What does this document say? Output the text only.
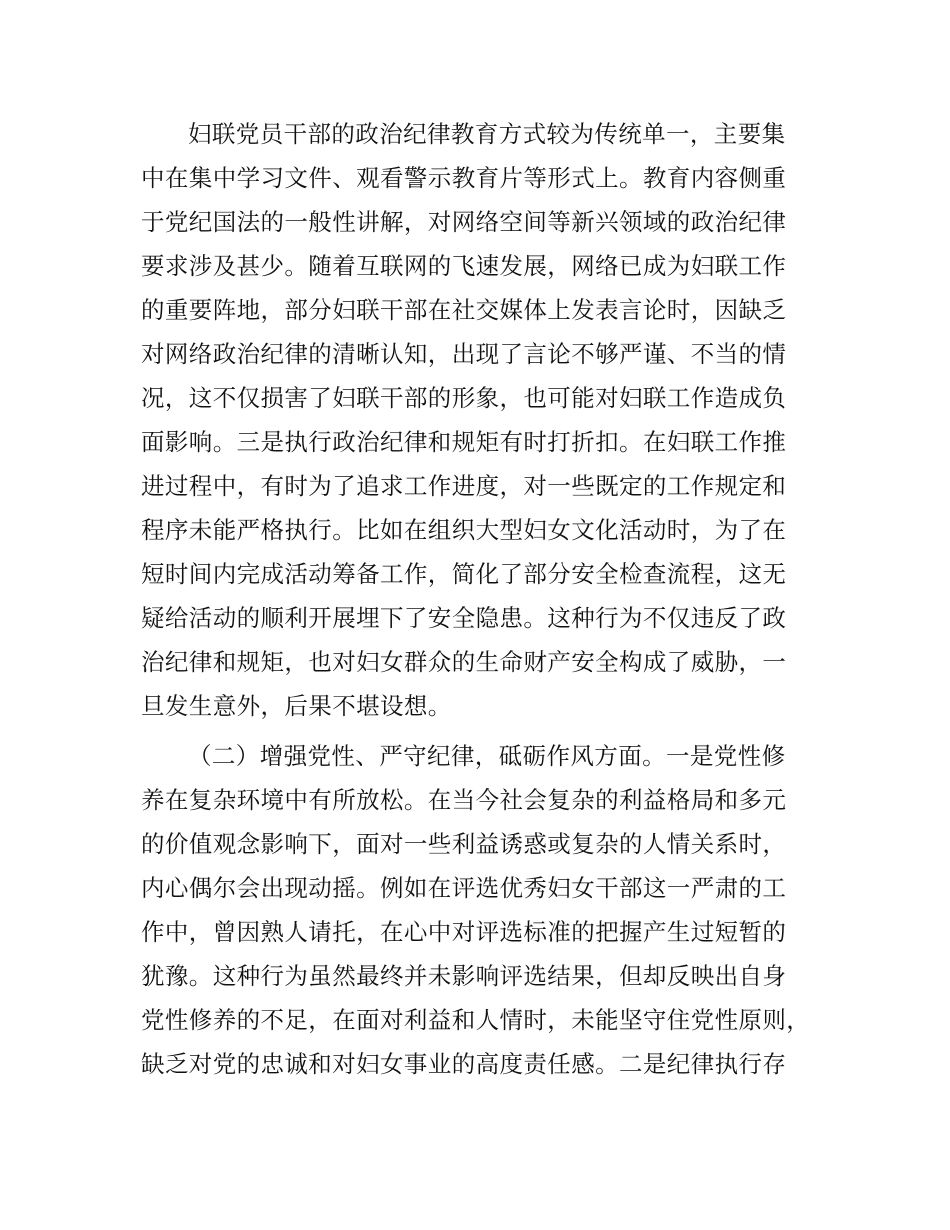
妇联党员干部的政治纪律教育方式较为传统单一，主要集
中在集中学习文件、观看警示教育片等形式上。教育内容侧重
于党纪国法的一般性讲解，对网络空间等新兴领域的政治纪律
要求涉及甚少。随着互联网的飞速发展，网络已成为妇联工作
的重要阵地，部分妇联干部在社交媒体上发表言论时，因缺乏
对网络政治纪律的清晰认知，出现了言论不够严谨、不当的情
况，这不仅损害了妇联干部的形象，也可能对妇联工作造成负
面影响。三是执行政治纪律和规矩有时打折扣。在妇联工作推
进过程中，有时为了追求工作进度，对一些既定的工作规定和
程序未能严格执行。比如在组织大型妇女文化活动时，为了在
短时间内完成活动筹备工作，简化了部分安全检查流程，这无
疑给活动的顺利开展埋下了安全隐患。这种行为不仅违反了政
治纪律和规矩，也对妇女群众的生命财产安全构成了威胁，一
旦发生意外，后果不堪设想。
（二）增强党性、严守纪律，砥砺作风方面。一是党性修
养在复杂环境中有所放松。在当今社会复杂的利益格局和多元
的价值观念影响下，面对一些利益诱惑或复杂的人情关系时，
内心偶尔会出现动摇。例如在评选优秀妇女干部这一严肃的工
作中，曾因熟人请托，在心中对评选标准的把握产生过短暂的
犹豫。这种行为虽然最终并未影响评选结果，但却反映出自身
党性修养的不足，在面对利益和人情时，未能坚守住党性原则，
缺乏对党的忠诚和对妇女事业的高度责任感。二是纪律执行存
